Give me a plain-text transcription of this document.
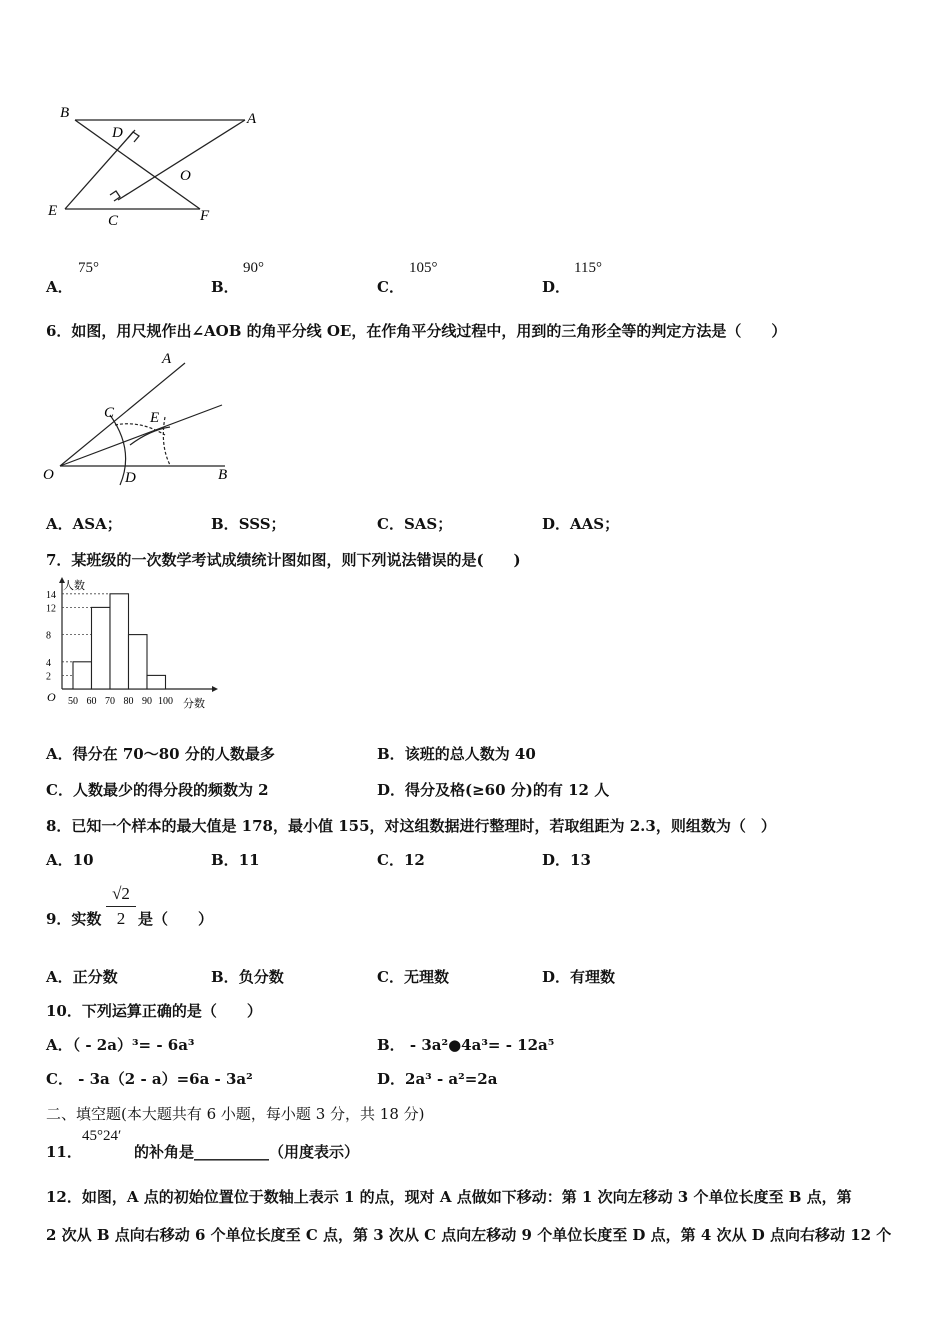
B	A
D
O
E
C	F
A．
75°
B．
90°
C．
105°
D．
115°
6．如图，用尺规作出∠AOB 的角平分线 OE，在作角平分线过程中，用到的三角形全等的判定方法是（　　）
A
C E
O	D	B
A．ASA；	B．SSS；	C．SAS；	D．AAS；
7．某班级的一次数学考试成绩统计图如图，则下列说法错误的是(　　)
人数
分数
O
2
4
8
12
14
50 60 70 80 90 100
A．得分在 70～80 分的人数最多	B．该班的总人数为 40
C．人数最少的得分段的频数为 2	D．得分及格(≥60 分)的有 12 人
8．已知一个样本的最大值是 178，最小值 155，对这组数据进行整理时，若取组距为 2.3，则组数为（　）
A．10	B．11	C．12	D．13
9．实数
√2
2 是（　　）
A．正分数	B．负分数	C．无理数	D．有理数
10．下列运算正确的是（　　）
A．（ - 2a）³= - 6a³	B． - 3a²●4a³= - 12a⁵
C． - 3a（2 - a）=6a - 3a²	D．2a³ - a²=2a
二、填空题(本大题共有 6 小题，每小题 3 分，共 18 分)
11．
45°24′
的补角是__________（用度表示）
12．如图，A 点的初始位置位于数轴上表示 1 的点，现对 A 点做如下移动：第 1 次向左移动 3 个单位长度至 B 点，第
2 次从 B 点向右移动 6 个单位长度至 C 点，第 3 次从 C 点向左移动 9 个单位长度至 D 点，第 4 次从 D 点向右移动 12 个
